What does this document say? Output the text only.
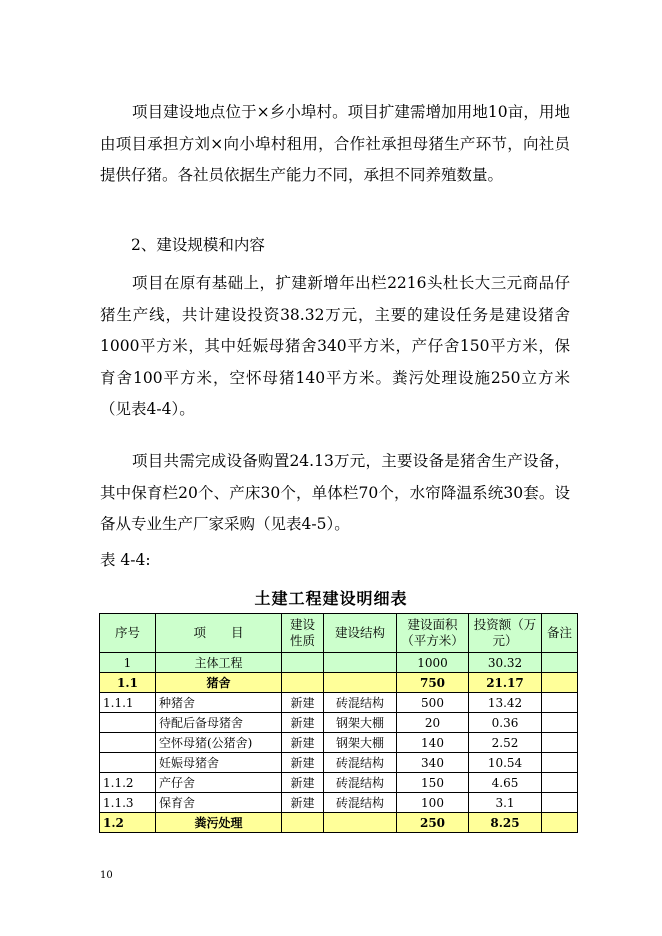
项目建设地点位于×乡小埠村。项目扩建需增加用地10亩，用地由项目承担方刘×向小埠村租用，合作社承担母猪生产环节，向社员提供仔猪。各社员依据生产能力不同，承担不同养殖数量。

2、建设规模和内容

项目在原有基础上，扩建新增年出栏2216头杜长大三元商品仔猪生产线，共计建设投资38.32万元，主要的建设任务是建设猪舍1000平方米，其中妊娠母猪舍340平方米，产仔舍150平方米，保育舍100平方米，空怀母猪140平方米。粪污处理设施250立方米（见表4-4）。

项目共需完成设备购置24.13万元，主要设备是猪舍生产设备，其中保育栏20个、产床30个，单体栏70个，水帘降温系统30套。设备从专业生产厂家采购（见表4-5）。

表 4-4:

土建工程建设明细表

序号	项　　目	建设性质	建设结构	建设面积（平方米）	投资额（万元）	备注
1	主体工程			1000	30.32	
1.1	猪舍			750	21.17	
1.1.1	种猪舍	新建	砖混结构	500	13.42	
	待配后备母猪舍	新建	钢架大棚	20	0.36	
	空怀母猪(公猪舍)	新建	钢架大棚	140	2.52	
	妊娠母猪舍	新建	砖混结构	340	10.54	
1.1.2	产仔舍	新建	砖混结构	150	4.65	
1.1.3	保育舍	新建	砖混结构	100	3.1	
1.2	粪污处理			250	8.25	

10
